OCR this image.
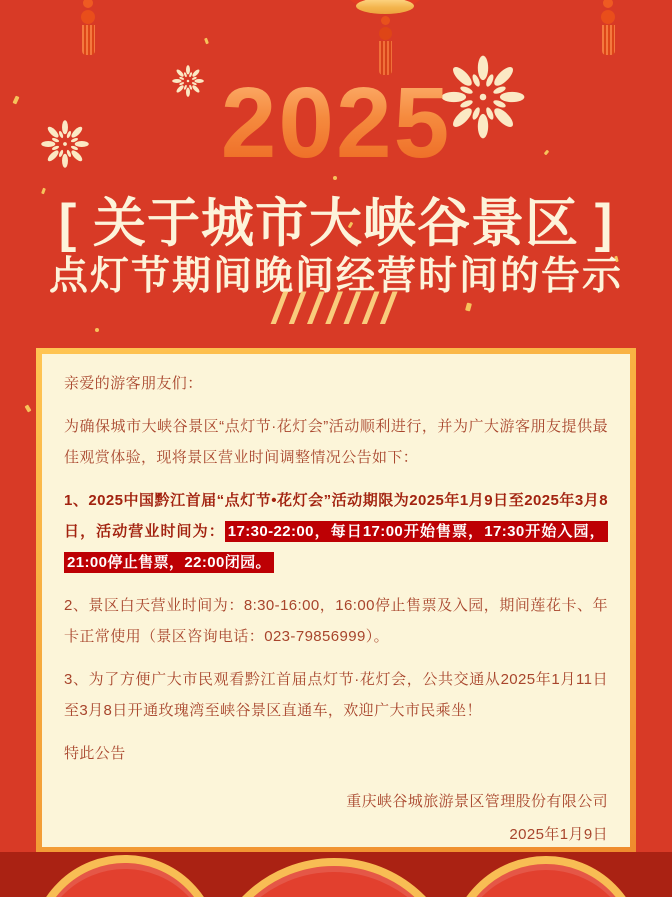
2025
[ 关于城市大峡谷景区 ]
点灯节期间晚间经营时间的告示
///////

亲爱的游客朋友们：

为确保城市大峡谷景区“点灯节·花灯会”活动顺利进行，并为广大游客朋友提供最佳观赏体验，现将景区营业时间调整情况公告如下：

1、2025中国黔江首届“点灯节•花灯会”活动期限为2025年1月9日至2025年3月8日，活动营业时间为： 17:30-22:00，每日17:00开始售票，17:30开始入园，21:00停止售票，22:00闭园。

2、景区白天营业时间为：8:30-16:00，16:00停止售票及入园，期间莲花卡、年卡正常使用（景区咨询电话：023-79856999）。

3、为了方便广大市民观看黔江首届点灯节·花灯会，公共交通从2025年1月11日至3月8日开通玫瑰湾至峡谷景区直通车，欢迎广大市民乘坐！

特此公告

重庆峡谷城旅游景区管理股份有限公司
2025年1月9日
